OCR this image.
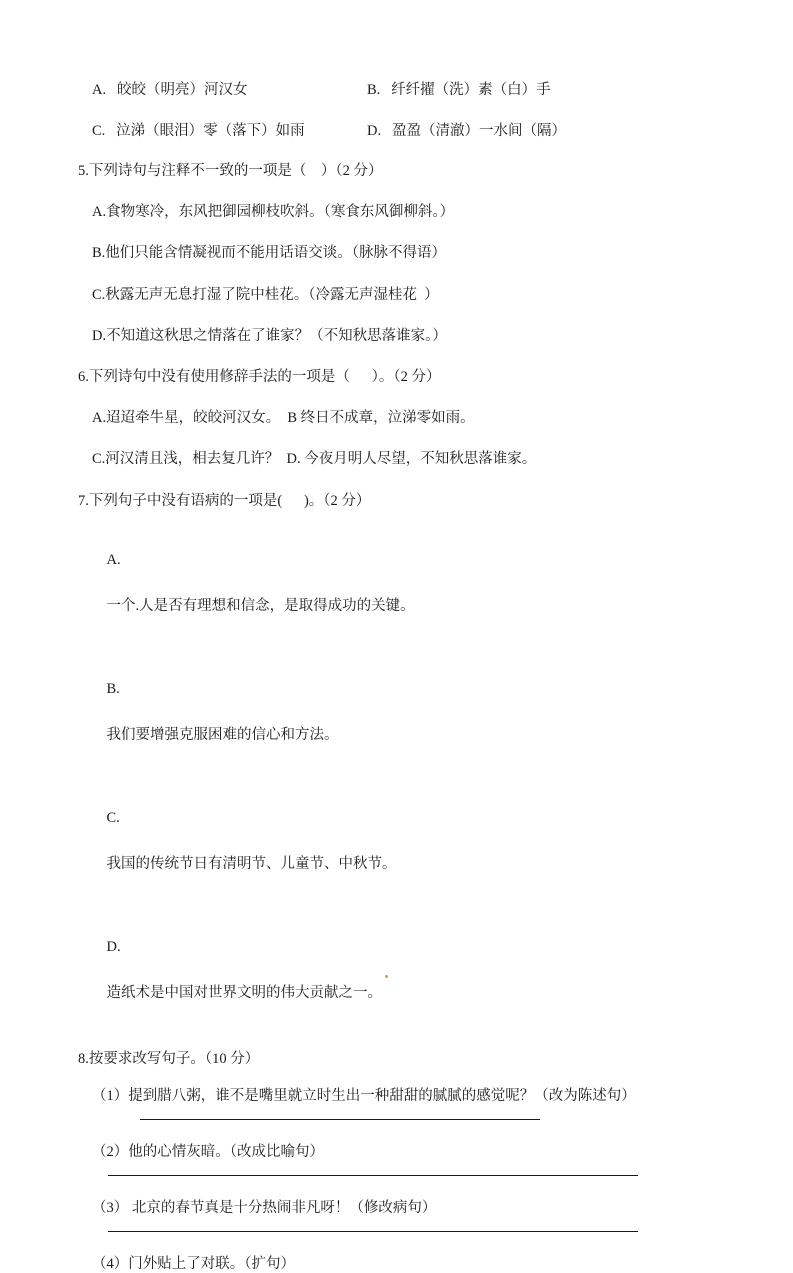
A. 皎皎（明亮）河汉女	B. 纤纤擢（洗）素（白）手
C. 泣涕（眼泪）零（落下）如雨	D. 盈盈（清澈）一水间（隔）

5.下列诗句与注释不一致的一项是（    ）（2 分）

A.食物寒冷，东风把御园柳枝吹斜。（寒食东风御柳斜。）

B.他们只能含情凝视而不能用话语交谈。（脉脉不得语）

C.秋露无声无息打湿了院中桂花。（冷露无声湿桂花  ）

D.不知道这秋思之情落在了谁家？（不知秋思落谁家。）

6.下列诗句中没有使用修辞手法的一项是（      ）。（2 分）

A.迢迢牵牛星，皎皎河汉女。  B 终日不成章，泣涕零如雨。

C.河汉清且浅，相去复几许？  D. 今夜月明人尽望，不知秋思落谁家。

7.下列句子中没有语病的一项是(      )。（2 分）

A.

一个.人是否有理想和信念，是取得成功的关键。

B.

我们要增强克服困难的信心和方法。

C.

我国的传统节日有清明节、儿童节、中秋节。

D.

造纸术是中国对世界文明的伟大贡献之一。

8.按要求改写句子。（10 分）

（1）提到腊八粥，谁不是嘴里就立时生出一种甜甜的腻腻的感觉呢？（改为陈述句）

（2）他的心情灰暗。（改成比喻句）

（3） 北京的春节真是十分热闹非凡呀！（修改病句）

（4）门外贴上了对联。（扩句）
